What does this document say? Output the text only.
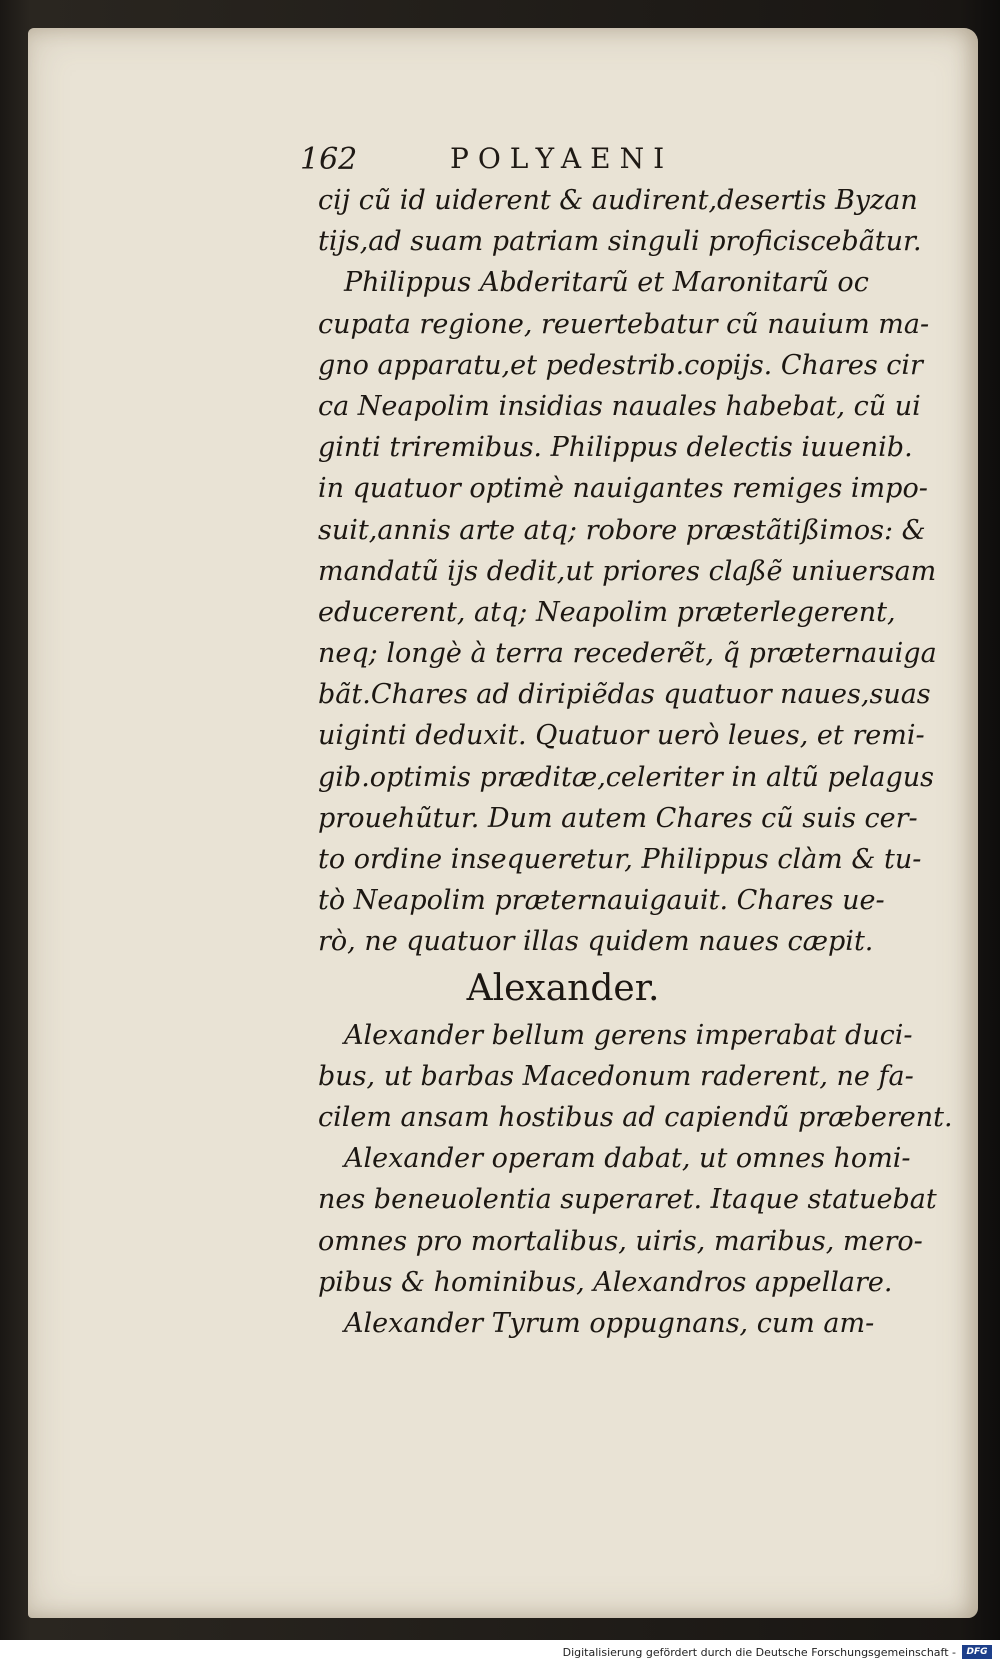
162	POLYAENI
cij cũ id uiderent & audirent,desertis Byzan
tijs,ad suam patriam singuli proficiscebãtur.
Philippus Abderitarũ et Maronitarũ oc
cupata regione, reuertebatur cũ nauium ma-
gno apparatu,et pedestrib.copijs. Chares cir
ca Neapolim insidias nauales habebat, cũ ui
ginti triremibus. Philippus delectis iuuenib.
in quatuor optimè nauigantes remiges impo-
suit,annis arte atq; robore præstãtißimos: &
mandatũ ijs dedit,ut priores claßẽ uniuersam
educerent, atq; Neapolim præterlegerent,
neq; longè à terra recederẽt, q̃ prӕternauiga
bãt.Chares ad diripiẽdas quatuor naues,suas
uiginti deduxit. Quatuor uerò leues, et remi-
gib.optimis prӕditӕ,celeriter in altũ pelagus
prouehũtur. Dum autem Chares cũ suis cer-
to ordine insequeretur, Philippus clàm & tu-
tò Neapolim prӕternauigauit. Chares ue-
rò, ne quatuor illas quidem naues cӕpit.
Alexander.
Alexander bellum gerens imperabat duci-
bus, ut barbas Macedonum raderent, ne fa-
cilem ansam hostibus ad capiendũ prӕberent.
Alexander operam dabat, ut omnes homi-
nes beneuolentia superaret. Itaque statuebat
omnes pro mortalibus, uiris, maribus, mero-
pibus & hominibus, Alexandros appellare.
Alexander Tyrum oppugnans, cum am-
Digitalisierung gefördert durch die Deutsche Forschungsgemeinschaft -	DFG
